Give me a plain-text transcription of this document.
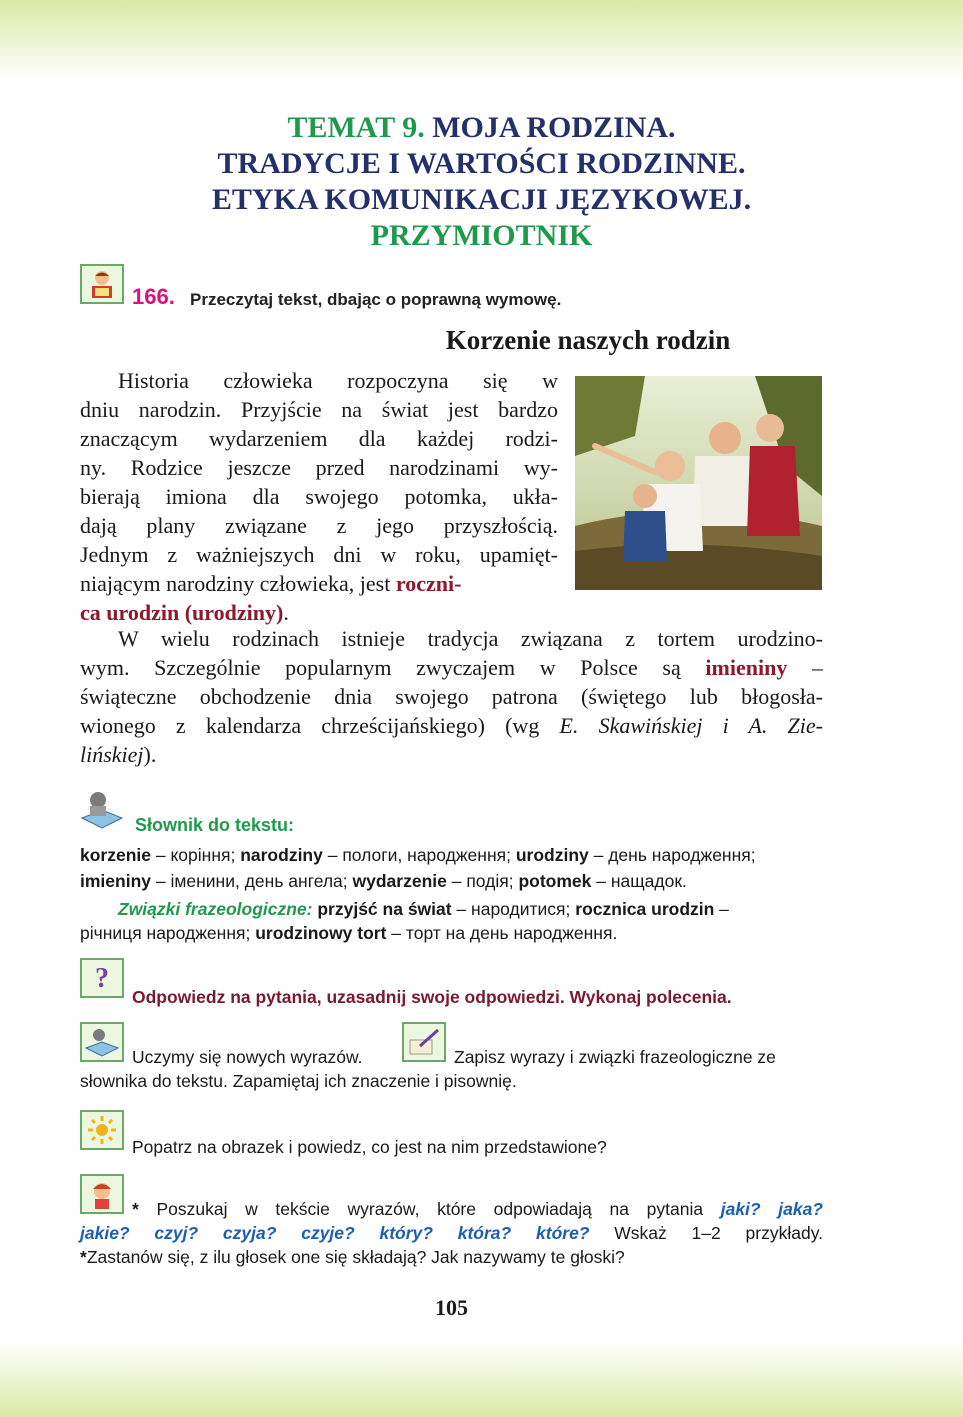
TEMAT 9. MOJA RODZINA.
TRADYCJE I WARTOŚCI RODZINNE.
ETYKA KOMUNIKACJI JĘZYKOWEJ.
PRZYMIOTNIK
166. Przeczytaj tekst, dbając o poprawną wymowę.
Korzenie naszych rodzin
Historia człowieka rozpoczyna się w
dniu narodzin. Przyjście na świat jest bardzo
znaczącym wydarzeniem dla każdej rodzi-
ny. Rodzice jeszcze przed narodzinami wy-
bierają imiona dla swojego potomka, ukła-
dają plany związane z jego przyszłością.
Jednym z ważniejszych dni w roku, upamięt-
niającym narodziny człowieka, jest roczni-
ca urodzin (urodziny).
W wielu rodzinach istnieje tradycja związana z tortem urodzino-
wym. Szczególnie popularnym zwyczajem w Polsce są imieniny –
świąteczne obchodzenie dnia swojego patrona (świętego lub błogosła-
wionego z kalendarza chrześcijańskiego) (wg E. Skawińskiej i A. Zie-
lińskiej).
Słownik do tekstu:
korzenie – коріння; narodziny – пологи, народження; urodziny – день народження;
imieniny – іменини, день ангела; wydarzenie – подія; potomek – нащадок.
Związki frazeologiczne: przyjść na świat – народитися; rocznica urodzin –
річниця народження; urodzinowy tort – торт на день народження.
?
Odpowiedz na pytania, uzasadnij swoje odpowiedzi. Wykonaj polecenia.
Uczymy się nowych wyrazów.	Zapisz wyrazy i związki frazeologiczne ze
słownika do tekstu. Zapamiętaj ich znaczenie i pisownię.
Popatrz na obrazek i powiedz, co jest na nim przedstawione?
* Poszukaj w tekście wyrazów, które odpowiadają na pytania jaki? jaka?
jakie? czyj? czyja? czyje? który? która? które? Wskaż 1–2 przykłady.
*Zastanów się, z ilu głosek one się składają? Jak nazywamy te głoski?
105
